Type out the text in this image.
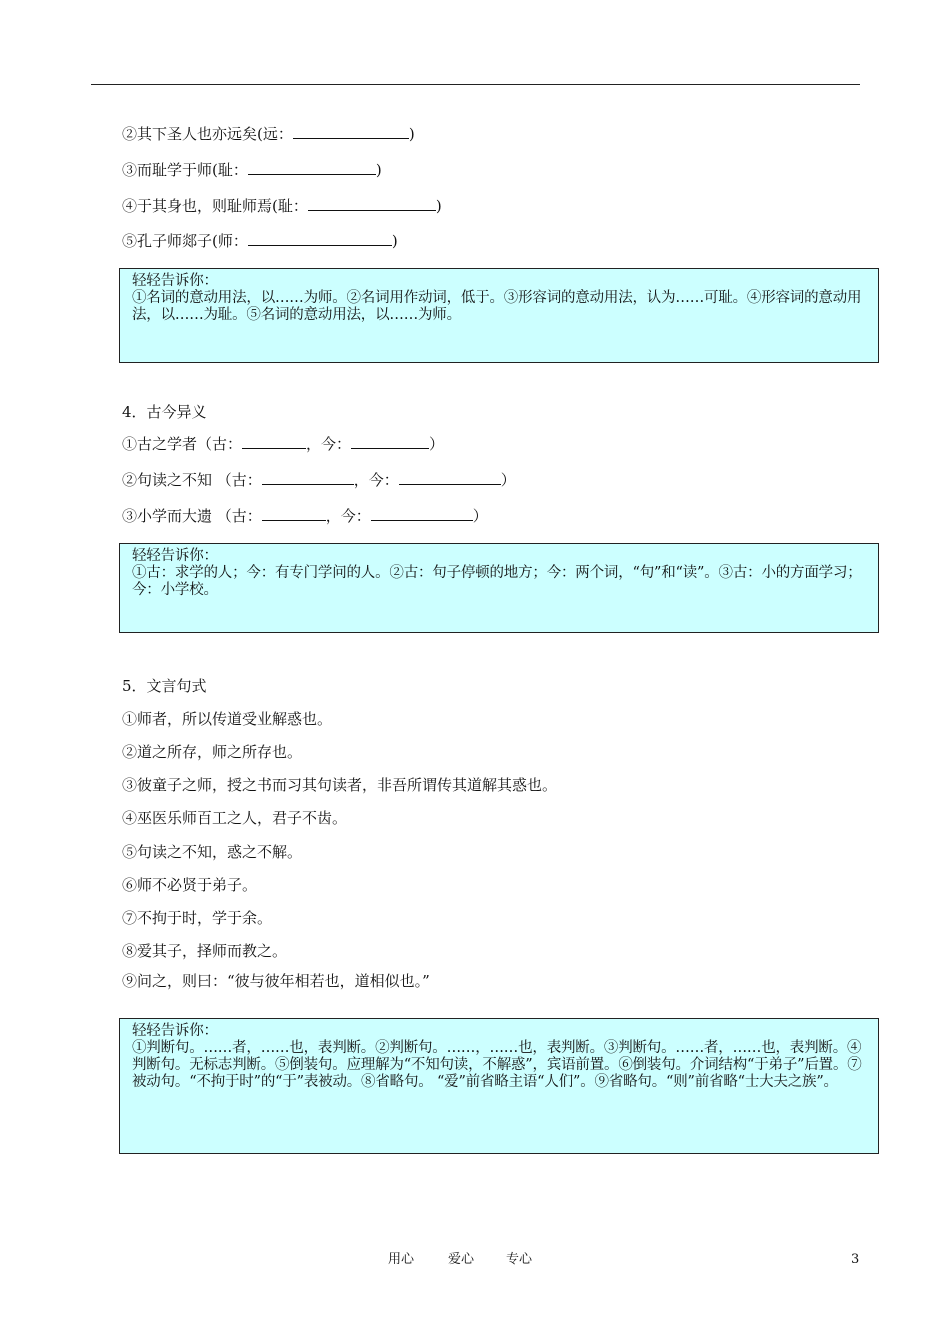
②其下圣人也亦远矣(远：	)
③而耻学于师(耻：	)
④于其身也，则耻师焉(耻：	)
⑤孔子师郯子(师：	)

轻轻告诉你：

①名词的意动用法，以……为师。②名词用作动词，低于。③形容词的意动用法，认为……可耻。④形容词的意动用法，以……为耻。⑤名词的意动用法，以……为师。

4．古今异义
①古之学者（古：	，今：	）
②句读之不知 （古：	，今：	）
③小学而大遗 （古：	，今：	）

轻轻告诉你：

①古：求学的人；今：有专门学问的人。②古：句子停顿的地方；今：两个词，“句”和“读”。③古：小的方面学习；今：小学校。

5．文言句式
①师者，所以传道受业解惑也。
②道之所存，师之所存也。
③彼童子之师，授之书而习其句读者，非吾所谓传其道解其惑也。
④巫医乐师百工之人，君子不齿。
⑤句读之不知，惑之不解。
⑥师不必贤于弟子。
⑦不拘于时，学于余。
⑧爱其子，择师而教之。
⑨问之，则曰：“彼与彼年相若也，道相似也。”

轻轻告诉你：

①判断句。……者，……也，表判断。②判断句。……，……也，表判断。③判断句。……者，……也，表判断。④判断句。无标志判断。⑤倒装句。应理解为“不知句读，不解惑”，宾语前置。⑥倒装句。介词结构“于弟子”后置。⑦被动句。“不拘于时”的“于”表被动。⑧省略句。 “爱”前省略主语“人们”。⑨省略句。“则”前省略“士大夫之族”。

用心	爱心 专心	3
